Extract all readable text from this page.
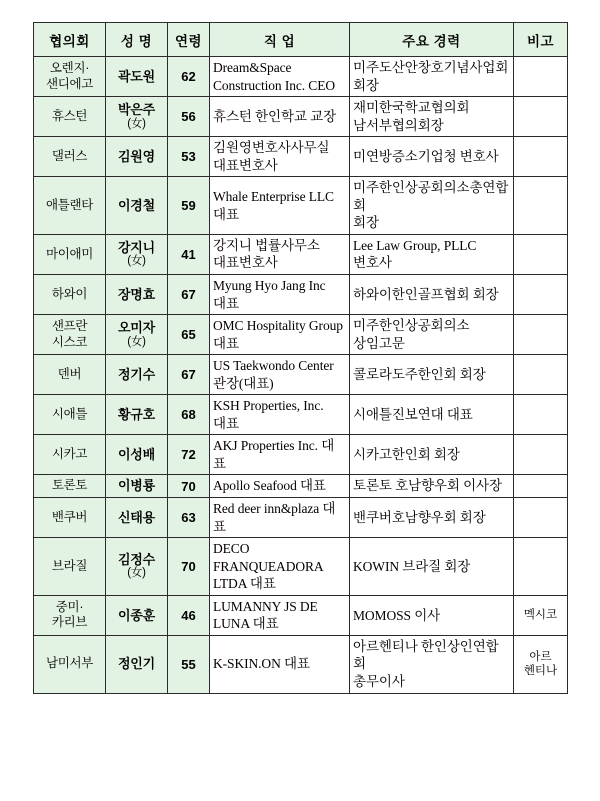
협의회	성 명	연령	직 업	주요 경력	비고

오렌지·
샌디에고	곽도원	62	Dream&Space
Construction Inc. CEO	미주도산안창호기념사업회
회장	

휴스턴	박은주
(女)	56	휴스턴 한인학교 교장	재미한국학교협의회
남서부협의회장	

댈러스	김원영	53	김원영변호사사무실
대표변호사	미연방증소기업청 변호사	

애틀랜타	이경철	59	Whale Enterprise LLC
대표	미주한인상공회의소총연합회
회장	

마이애미	강지니
(女)	41	강지니 법률사무소
대표변호사	Lee Law Group, PLLC
변호사	

하와이	장명효	67	Myung Hyo Jang Inc
대표	하와이한인골프협회 회장	

샌프란
시스코	오미자
(女)	65	OMC Hospitality Group
대표	미주한인상공회의소
상임고문	

덴버	정기수	67	US Taekwondo Center
관장(대표)	콜로라도주한인회 회장	

시애틀	황규호	68	KSH Properties, Inc.
대표	시애틀진보연대 대표	

시카고	이성배	72	AKJ Properties Inc. 대표	시카고한인회 회장	

토론토	이병룡	70	Apollo Seafood 대표	토론토 호남향우회 이사장	

밴쿠버	신태용	63	Red deer inn&plaza 대표	밴쿠버호남향우회 회장	

브라질	김정수
(女)	70	DECO FRANQUEADORA
LTDA 대표	KOWIN 브라질 회장	

중미·
카리브	이종훈	46	LUMANNY JS DE
LUNA 대표	MOMOSS 이사	멕시코

남미서부	정인기	55	K-SKIN.ON 대표	아르헨티나 한인상인연합회
총무이사	아르
헨티나
